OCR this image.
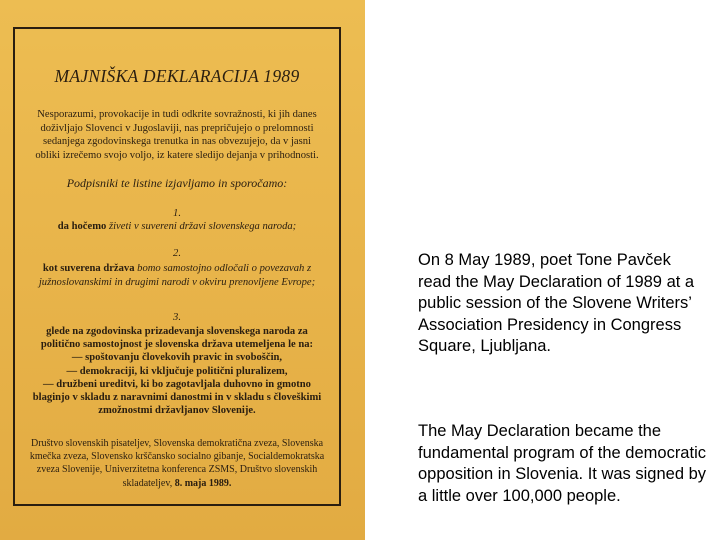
MAJNIŠKA DEKLARACIJA 1989
Nesporazumi, provokacije in tudi odkrite sovražnosti, ki jih danes doživljajo Slovenci v Jugoslaviji, nas prepričujejo o prelomnosti sedanjega zgodovinskega trenutka in nas obvezujejo, da v jasni obliki izrečemo svojo voljo, iz katere sledijo dejanja v prihodnosti.
Podpisniki te listine izjavljamo in sporočamo:
1.
da hočemo živeti v suvereni državi slovenskega naroda;
2.
kot suverena država bomo samostojno odločali o povezavah z južnoslovanskimi in drugimi narodi v okviru prenovljene Evrope;
3.
glede na zgodovinska prizadevanja slovenskega naroda za politično samostojnost je slovenska država utemeljena le na:
— spoštovanju človekovih pravic in svoboščin,
— demokraciji, ki vključuje politični pluralizem,
— družbeni ureditvi, ki bo zagotavljala duhovno in gmotno blaginjo v skladu z naravnimi danostmi in v skladu s človeškimi zmožnostmi državljanov Slovenije.
Društvo slovenskih pisateljev, Slovenska demokratična zveza, Slovenska kmečka zveza, Slovensko krščansko socialno gibanje, Socialdemokratska zveza Slovenije, Univerzitetna konferenca ZSMS, Društvo slovenskih skladateljev, 8. maja 1989.
On 8 May 1989, poet Tone Pavček read the May Declaration of 1989 at a public session of the Slovene Writers’ Association Presidency in Congress Square, Ljubljana.
The May Declaration became the fundamental program of the democratic opposition in Slovenia. It was signed by a little over 100,000 people.
